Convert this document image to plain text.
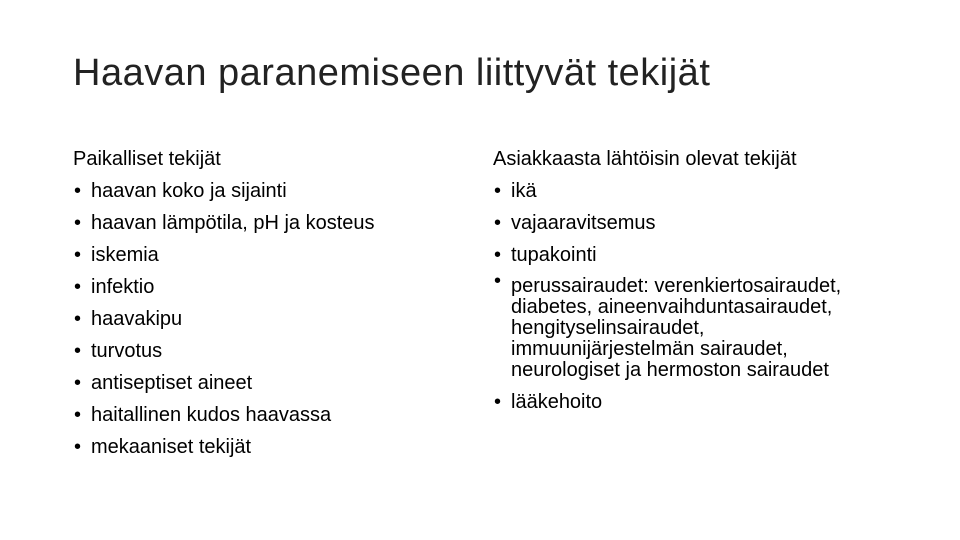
Haavan paranemiseen liittyvät tekijät
Paikalliset tekijät
• haavan koko ja sijainti
• haavan lämpötila, pH ja kosteus
• iskemia
• infektio
• haavakipu
• turvotus
• antiseptiset aineet
• haitallinen kudos haavassa
• mekaaniset tekijät
Asiakkaasta lähtöisin olevat tekijät
• ikä
• vajaaravitsemus
• tupakointi
• perussairaudet: verenkiertosairaudet, diabetes, aineenvaihduntasairaudet, hengityselinsairaudet, immuunijärjestelmän sairaudet, neurologiset ja hermoston sairaudet
• lääkehoito
